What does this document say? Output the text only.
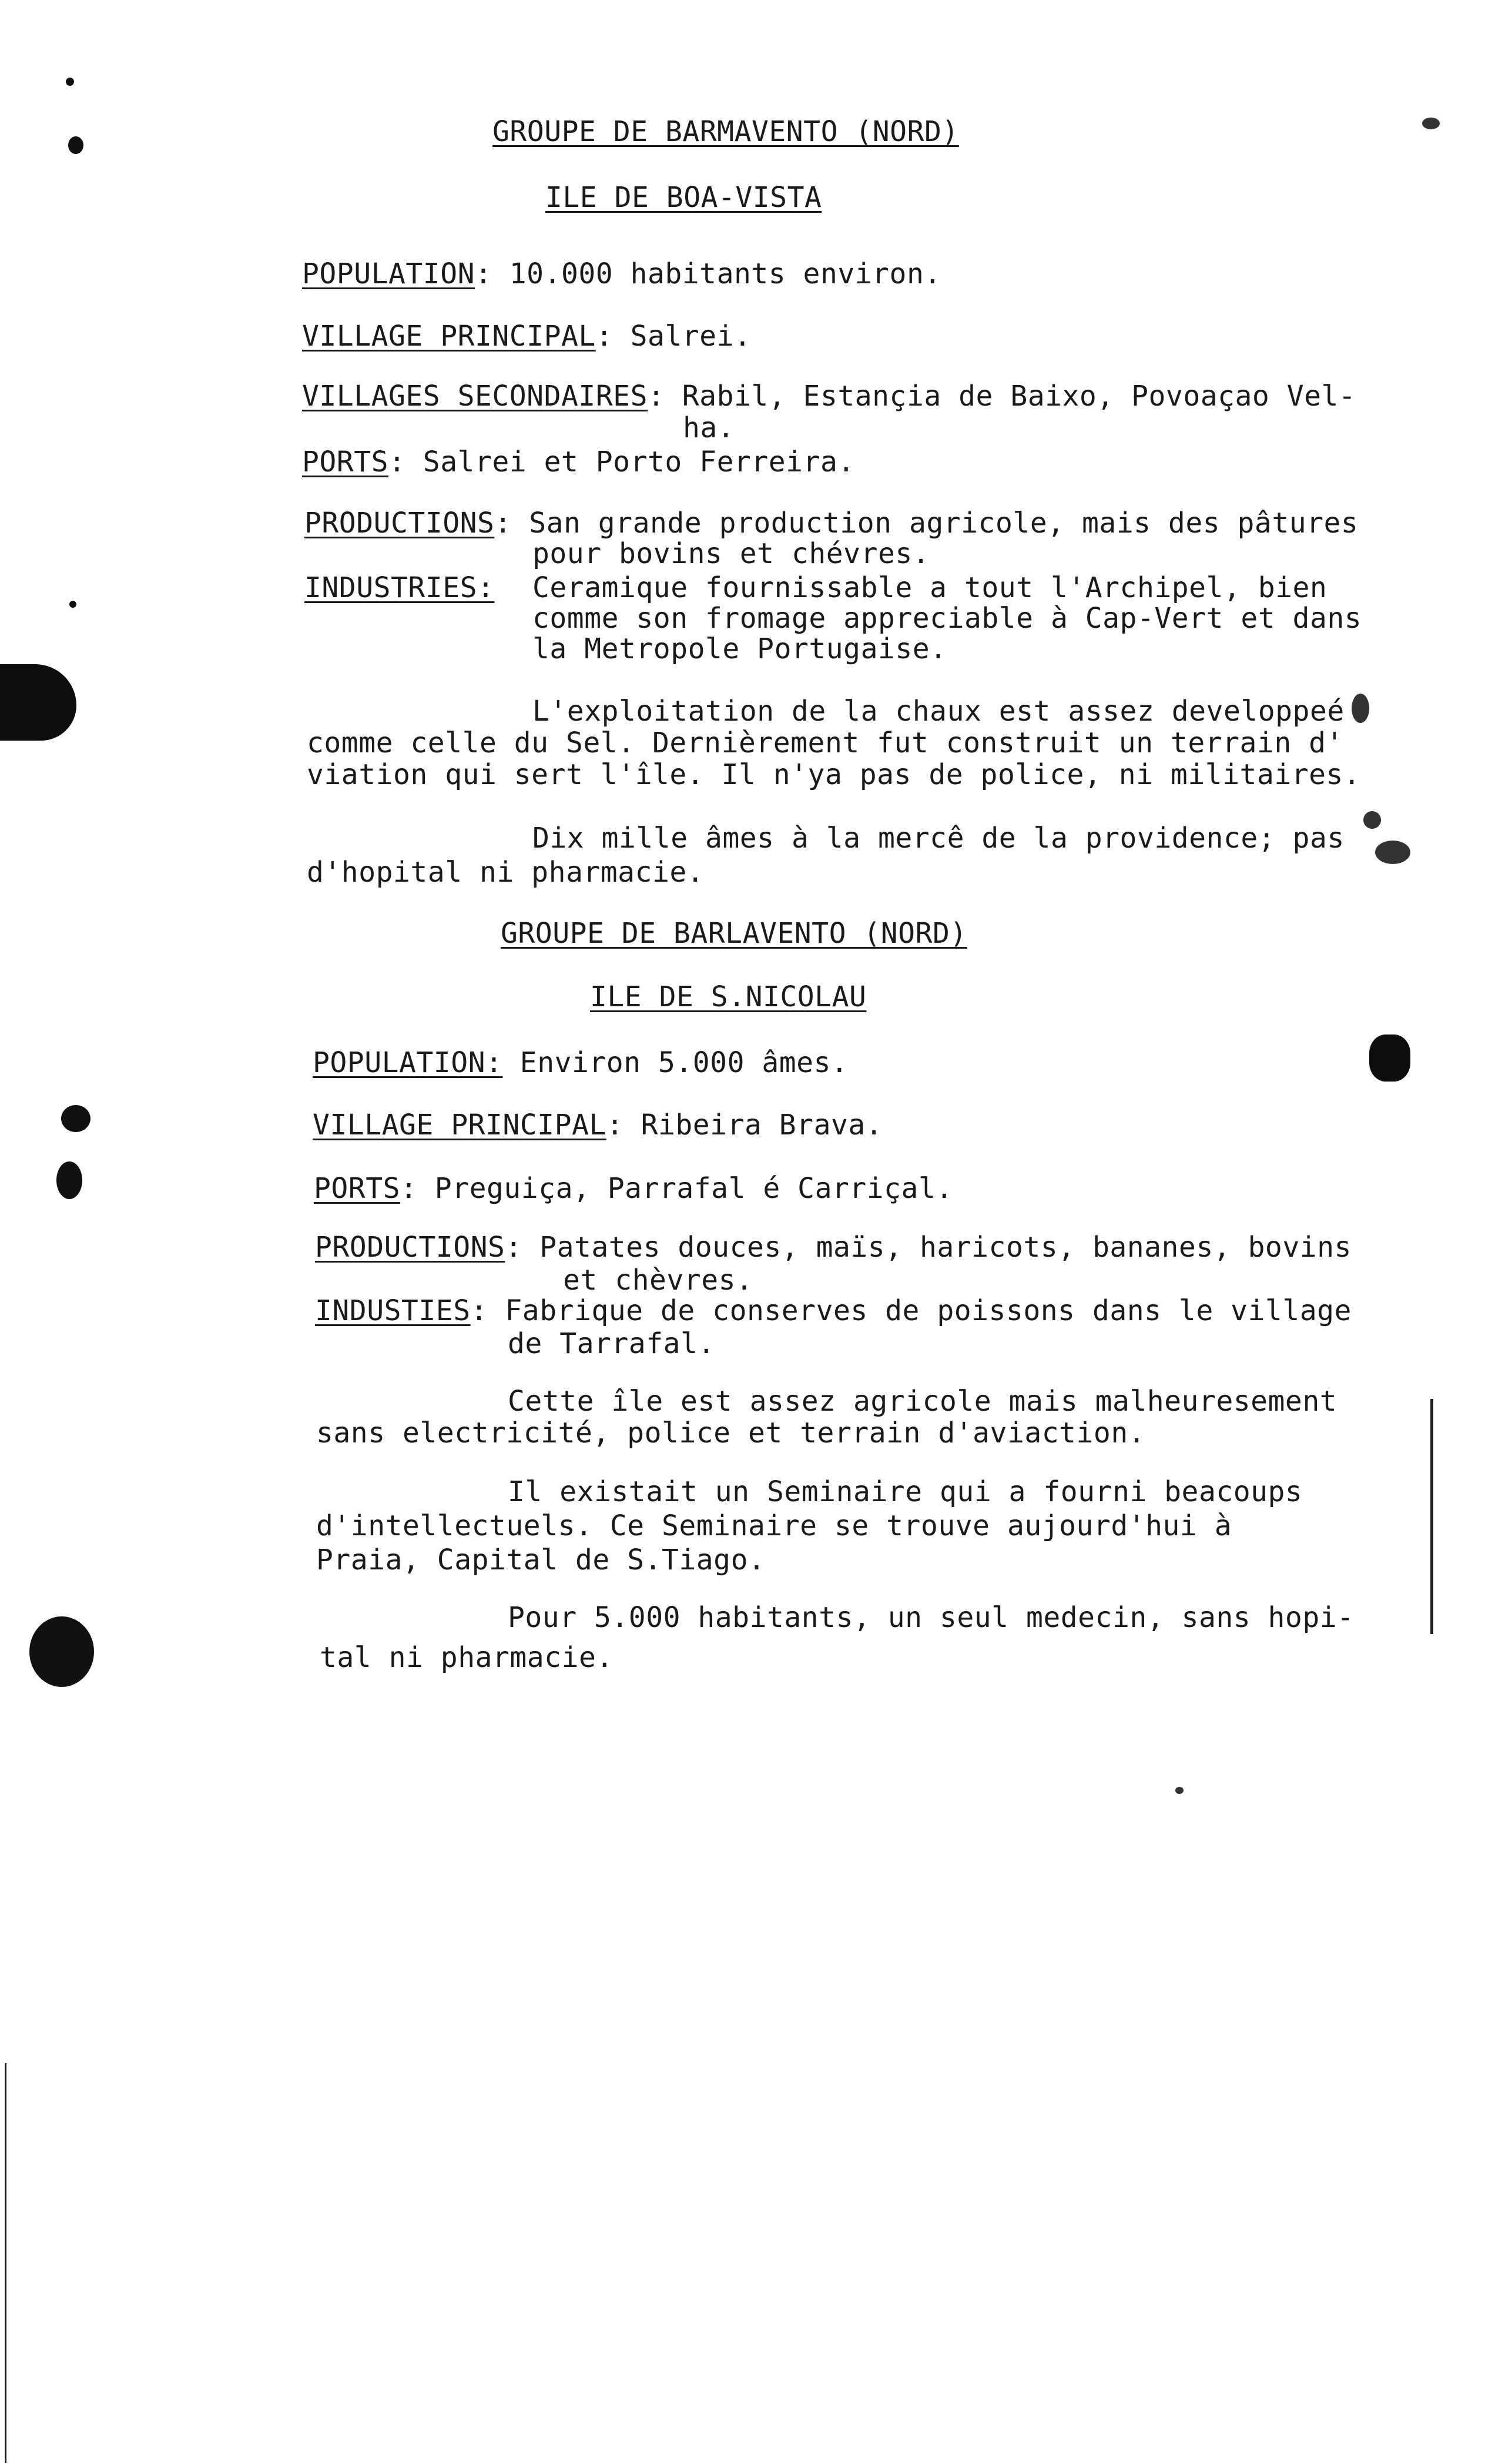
GROUPE DE BARMAVENTO (NORD)
ILE DE BOA-VISTA
POPULATION: 10.000 habitants environ.
VILLAGE PRINCIPAL: Salrei.
VILLAGES SECONDAIRES: Rabil, Estançia de Baixo, Povoaçao Vel-
ha.
PORTS: Salrei et Porto Ferreira.
PRODUCTIONS: San grande production agricole, mais des pâtures
pour bovins et chévres.
INDUSTRIES: Ceramique fournissable a tout l'Archipel, bien
comme son fromage appreciable à Cap-Vert et dans
la Metropole Portugaise.
L'exploitation de la chaux est assez developpeé
comme celle du Sel. Dernièrement fut construit un terrain d'
viation qui sert l'île. Il n'ya pas de police, ni militaires.
Dix mille âmes à la mercê de la providence; pas
d'hopital ni pharmacie.
GROUPE DE BARLAVENTO (NORD)
ILE DE S.NICOLAU
POPULATION: Environ 5.000 âmes.
VILLAGE PRINCIPAL: Ribeira Brava.
PORTS: Preguiça, Parrafal é Carriçal.
PRODUCTIONS: Patates douces, maïs, haricots, bananes, bovins
et chèvres.
INDUSTIES: Fabrique de conserves de poissons dans le village
de Tarrafal.
Cette île est assez agricole mais malheuresement
sans electricité, police et terrain d'aviaction.
Il existait un Seminaire qui a fourni beacoups
d'intellectuels. Ce Seminaire se trouve aujourd'hui à
Praia, Capital de S.Tiago.
Pour 5.000 habitants, un seul medecin, sans hopi-
tal ni pharmacie.
